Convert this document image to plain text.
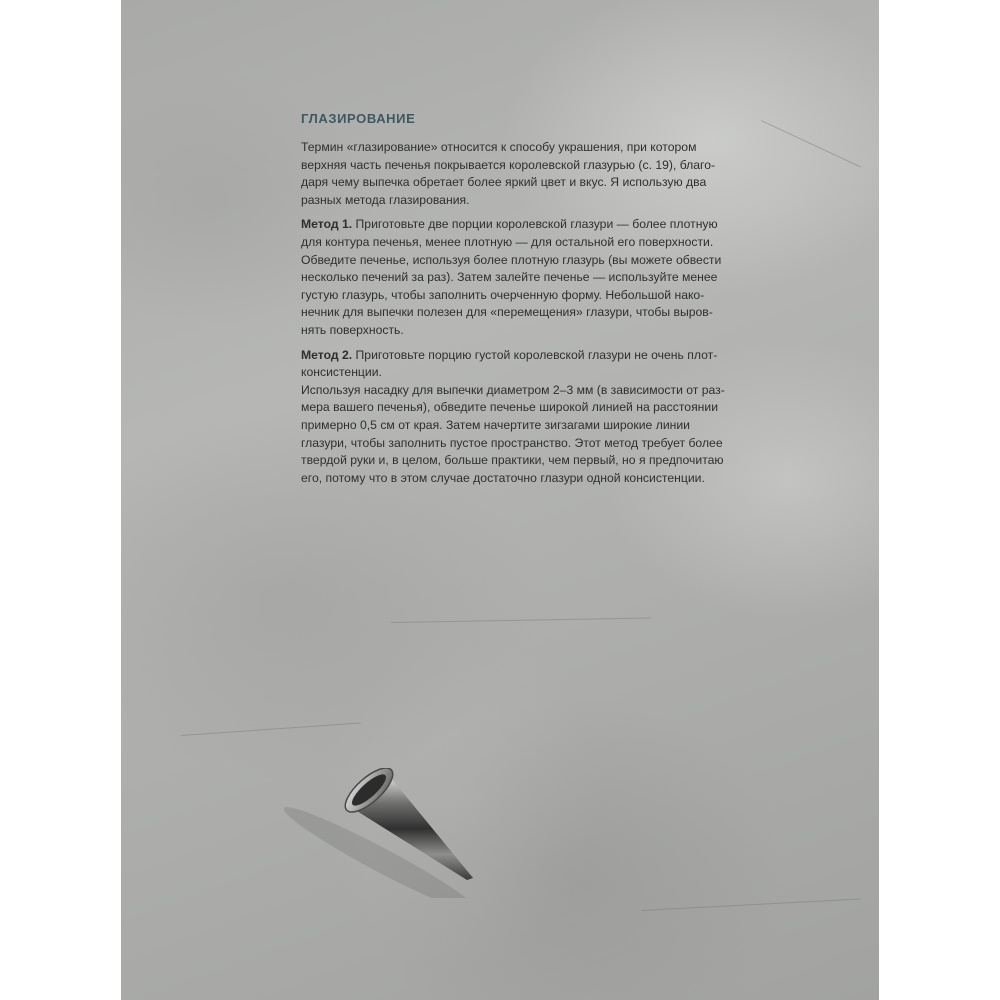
ГЛАЗИРОВАНИЕ

Термин «глазирование» относится к способу украшения, при котором
верхняя часть печенья покрывается королевской глазурью (с. 19), благо-
даря чему выпечка обретает более яркий цвет и вкус. Я использую два
разных метода глазирования.

Метод 1. Приготовьте две порции королевской глазури — более плотную
для контура печенья, менее плотную — для остальной его поверхности.
Обведите печенье, используя более плотную глазурь (вы можете обвести
несколько печений за раз). Затем залейте печенье — используйте менее
густую глазурь, чтобы заполнить очерченную форму. Небольшой нако-
нечник для выпечки полезен для «перемещения» глазури, чтобы выров-
нять поверхность.

Метод 2. Приготовьте порцию густой королевской глазури не очень плот-
консистенции.
Используя насадку для выпечки диаметром 2–3 мм (в зависимости от раз-
мера вашего печенья), обведите печенье широкой линией на расстоянии
примерно 0,5 см от края. Затем начертите зигзагами широкие линии
глазури, чтобы заполнить пустое пространство. Этот метод требует более
твердой руки и, в целом, больше практики, чем первый, но я предпочитаю
его, потому что в этом случае достаточно глазури одной консистенции.
